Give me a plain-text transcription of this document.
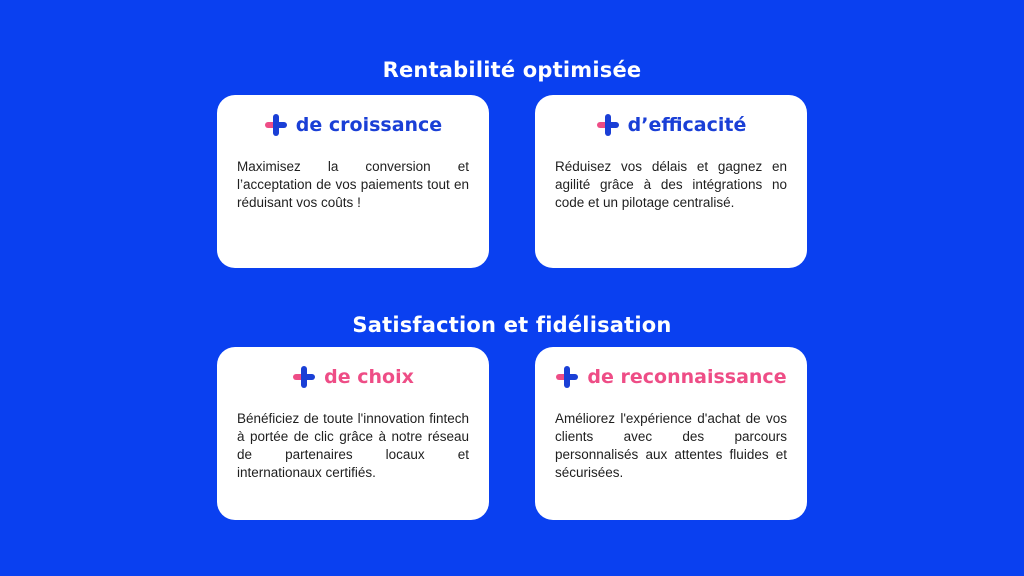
Rentabilité optimisée
de croissance

Maximisez la conversion et l’acceptation de vos paiements tout en réduisant vos coûts !

d’efficacité

Réduisez vos délais et gagnez en agilité grâce à des intégrations no code et un pilotage centralisé.

Satisfaction et fidélisation
de choix

Bénéficiez de toute l'innovation fintech à portée de clic grâce à notre réseau de partenaires locaux et internationaux certifiés.

de reconnaissance

Améliorez l'expérience d'achat de vos clients avec des parcours personnalisés aux attentes fluides et sécurisées.
